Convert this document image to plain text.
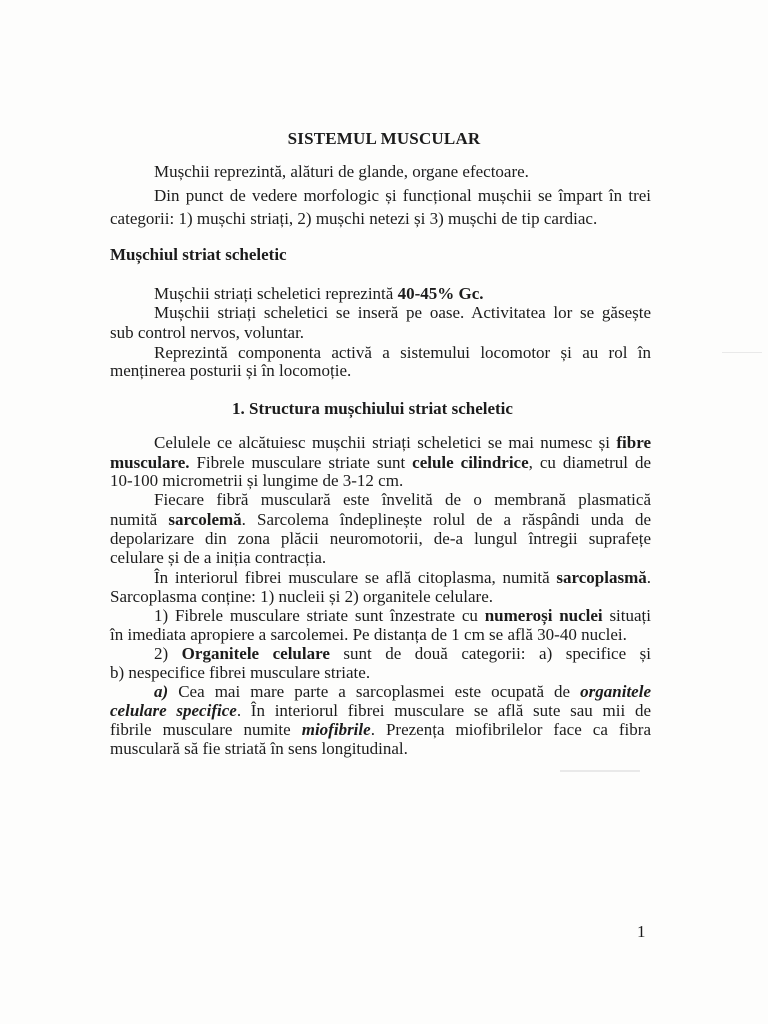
SISTEMUL MUSCULAR
Mușchii reprezintă, alături de glande, organe efectoare.
Din punct de vedere morfologic și funcțional mușchii se împart în trei
categorii: 1) mușchi striați, 2) mușchi netezi și 3) mușchi de tip cardiac.
Mușchiul striat scheletic
Mușchii striați scheletici reprezintă 40-45% Gc.
Mușchii striați scheletici se inseră pe oase. Activitatea lor se găsește
sub control nervos, voluntar.
Reprezintă componenta activă a sistemului locomotor și au rol în
menținerea posturii și în locomoție.
1. Structura mușchiului striat scheletic
Celulele ce alcătuiesc mușchii striați scheletici se mai numesc și fibre
musculare. Fibrele musculare striate sunt celule cilindrice, cu diametrul de
10-100 micrometrii și lungime de 3-12 cm.
Fiecare fibră musculară este învelită de o membrană plasmatică
numită sarcolemă. Sarcolema îndeplinește rolul de a răspândi unda de
depolarizare din zona plăcii neuromotorii, de-a lungul întregii suprafețe
celulare și de a iniția contracția.
În interiorul fibrei musculare se află citoplasma, numită sarcoplasmă.
Sarcoplasma conține: 1) nucleii și 2) organitele celulare.
1) Fibrele musculare striate sunt înzestrate cu numeroși nuclei situați
în imediata apropiere a sarcolemei. Pe distanța de 1 cm se află 30-40 nuclei.
2) Organitele celulare sunt de două categorii: a) specifice și
b) nespecifice fibrei musculare striate.
a) Cea mai mare parte a sarcoplasmei este ocupată de organitele
celulare specifice. În interiorul fibrei musculare se află sute sau mii de
fibrile musculare numite miofibrile. Prezența miofibrilelor face ca fibra
musculară să fie striată în sens longitudinal.
1
